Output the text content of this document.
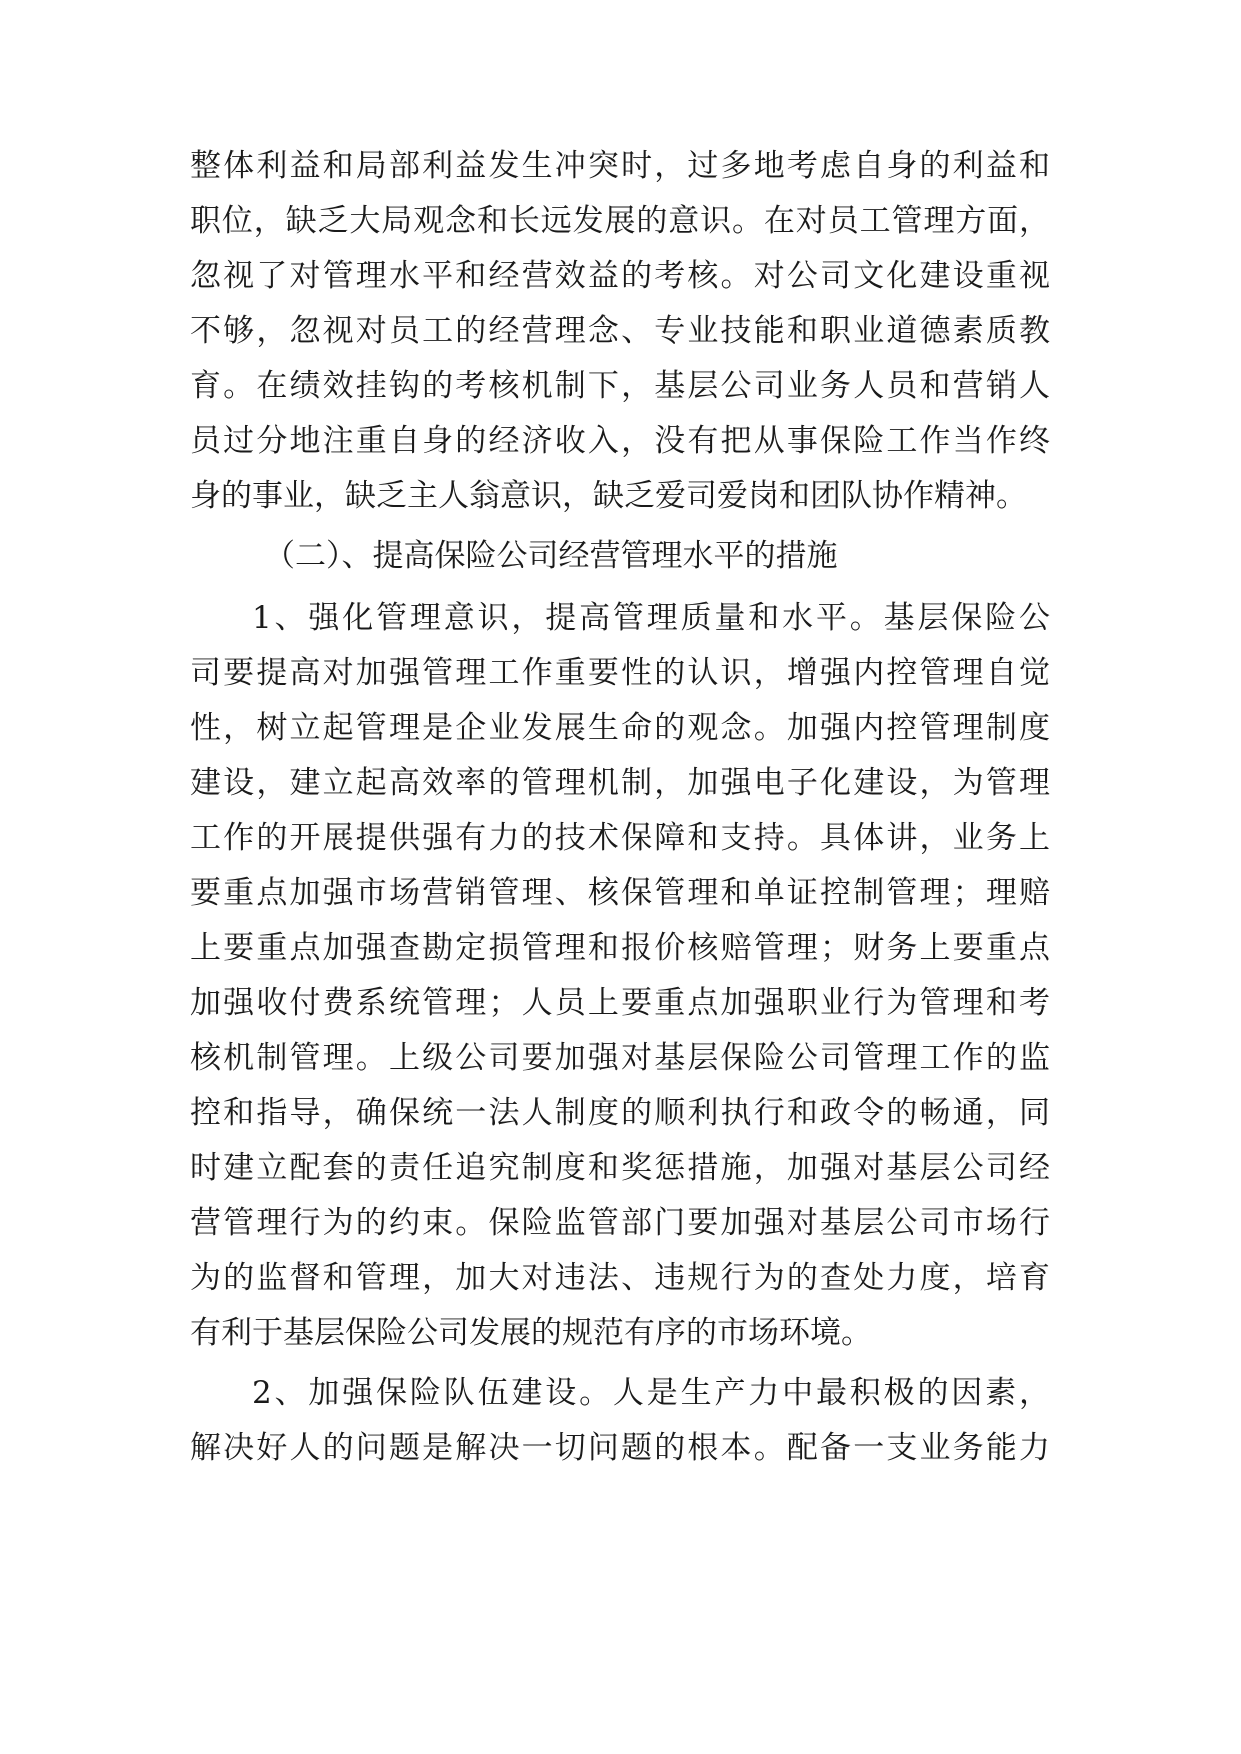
整体利益和局部利益发生冲突时，过多地考虑自身的利益和
职位，缺乏大局观念和长远发展的意识。在对员工管理方面，
忽视了对管理水平和经营效益的考核。对公司文化建设重视
不够，忽视对员工的经营理念、专业技能和职业道德素质教
育。在绩效挂钩的考核机制下，基层公司业务人员和营销人
员过分地注重自身的经济收入，没有把从事保险工作当作终
身的事业，缺乏主人翁意识，缺乏爱司爱岗和团队协作精神。
（二）、提高保险公司经营管理水平的措施
1、强化管理意识，提高管理质量和水平。基层保险公
司要提高对加强管理工作重要性的认识，增强内控管理自觉
性，树立起管理是企业发展生命的观念。加强内控管理制度
建设，建立起高效率的管理机制，加强电子化建设，为管理
工作的开展提供强有力的技术保障和支持。具体讲，业务上
要重点加强市场营销管理、核保管理和单证控制管理；理赔
上要重点加强查勘定损管理和报价核赔管理；财务上要重点
加强收付费系统管理；人员上要重点加强职业行为管理和考
核机制管理。上级公司要加强对基层保险公司管理工作的监
控和指导，确保统一法人制度的顺利执行和政令的畅通，同
时建立配套的责任追究制度和奖惩措施，加强对基层公司经
营管理行为的约束。保险监管部门要加强对基层公司市场行
为的监督和管理，加大对违法、违规行为的查处力度，培育
有利于基层保险公司发展的规范有序的市场环境。
2、加强保险队伍建设。人是生产力中最积极的因素，
解决好人的问题是解决一切问题的根本。配备一支业务能力
